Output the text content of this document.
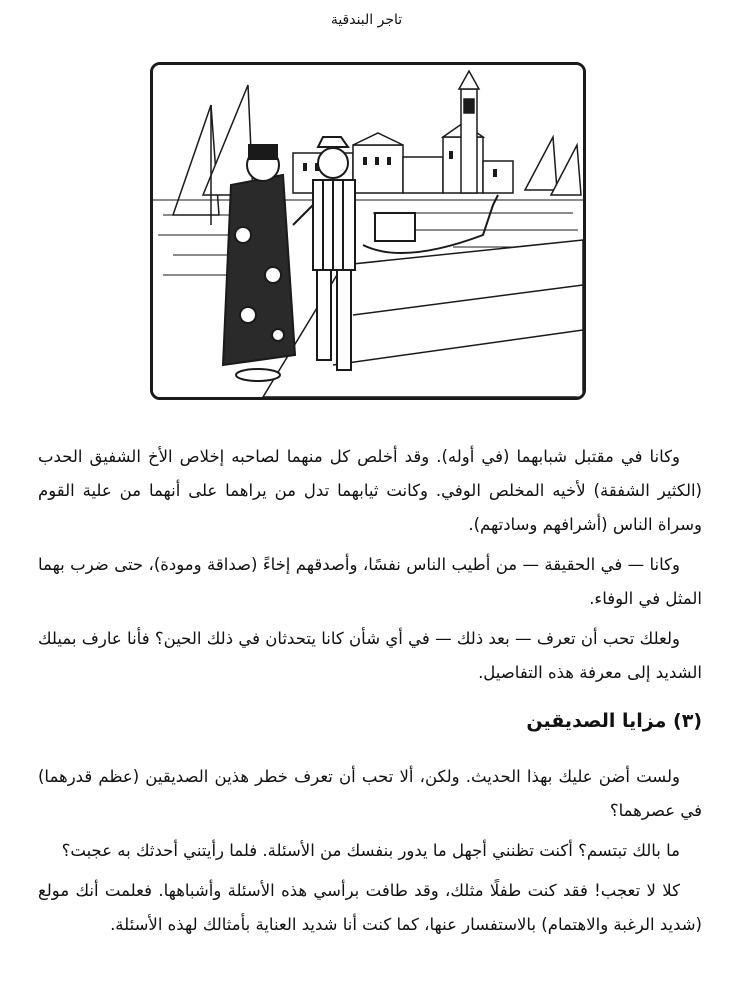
تاجر البندقية

وكانا في مقتبل شبابهما (في أوله). وقد أخلص كل منهما لصاحبه إخلاص الأخ الشفيق الحدب (الكثير الشفقة) لأخيه المخلص الوفي. وكانت ثيابهما تدل من يراهما على أنهما من علية القوم وسراة الناس (أشرافهم وسادتهم).

وكانا — في الحقيقة — من أطيب الناس نفسًا، وأصدقهم إخاءً (صداقة ومودة)، حتى ضرب بهما المثل في الوفاء.

ولعلك تحب أن تعرف — بعد ذلك — في أي شأن كانا يتحدثان في ذلك الحين؟ فأنا عارف بميلك الشديد إلى معرفة هذه التفاصيل.

(٣) مزايا الصديقين

ولست أضن عليك بهذا الحديث. ولكن، ألا تحب أن تعرف خطر هذين الصديقين (عظم قدرهما) في عصرهما؟

ما بالك تبتسم؟ أكنت تظنني أجهل ما يدور بنفسك من الأسئلة. فلما رأيتني أحدثك به عجبت؟

كلا لا تعجب! فقد كنت طفلًا مثلك، وقد طافت برأسي هذه الأسئلة وأشباهها. فعلمت أنك مولع (شديد الرغبة والاهتمام) بالاستفسار عنها، كما كنت أنا شديد العناية بأمثالك لهذه الأسئلة.
